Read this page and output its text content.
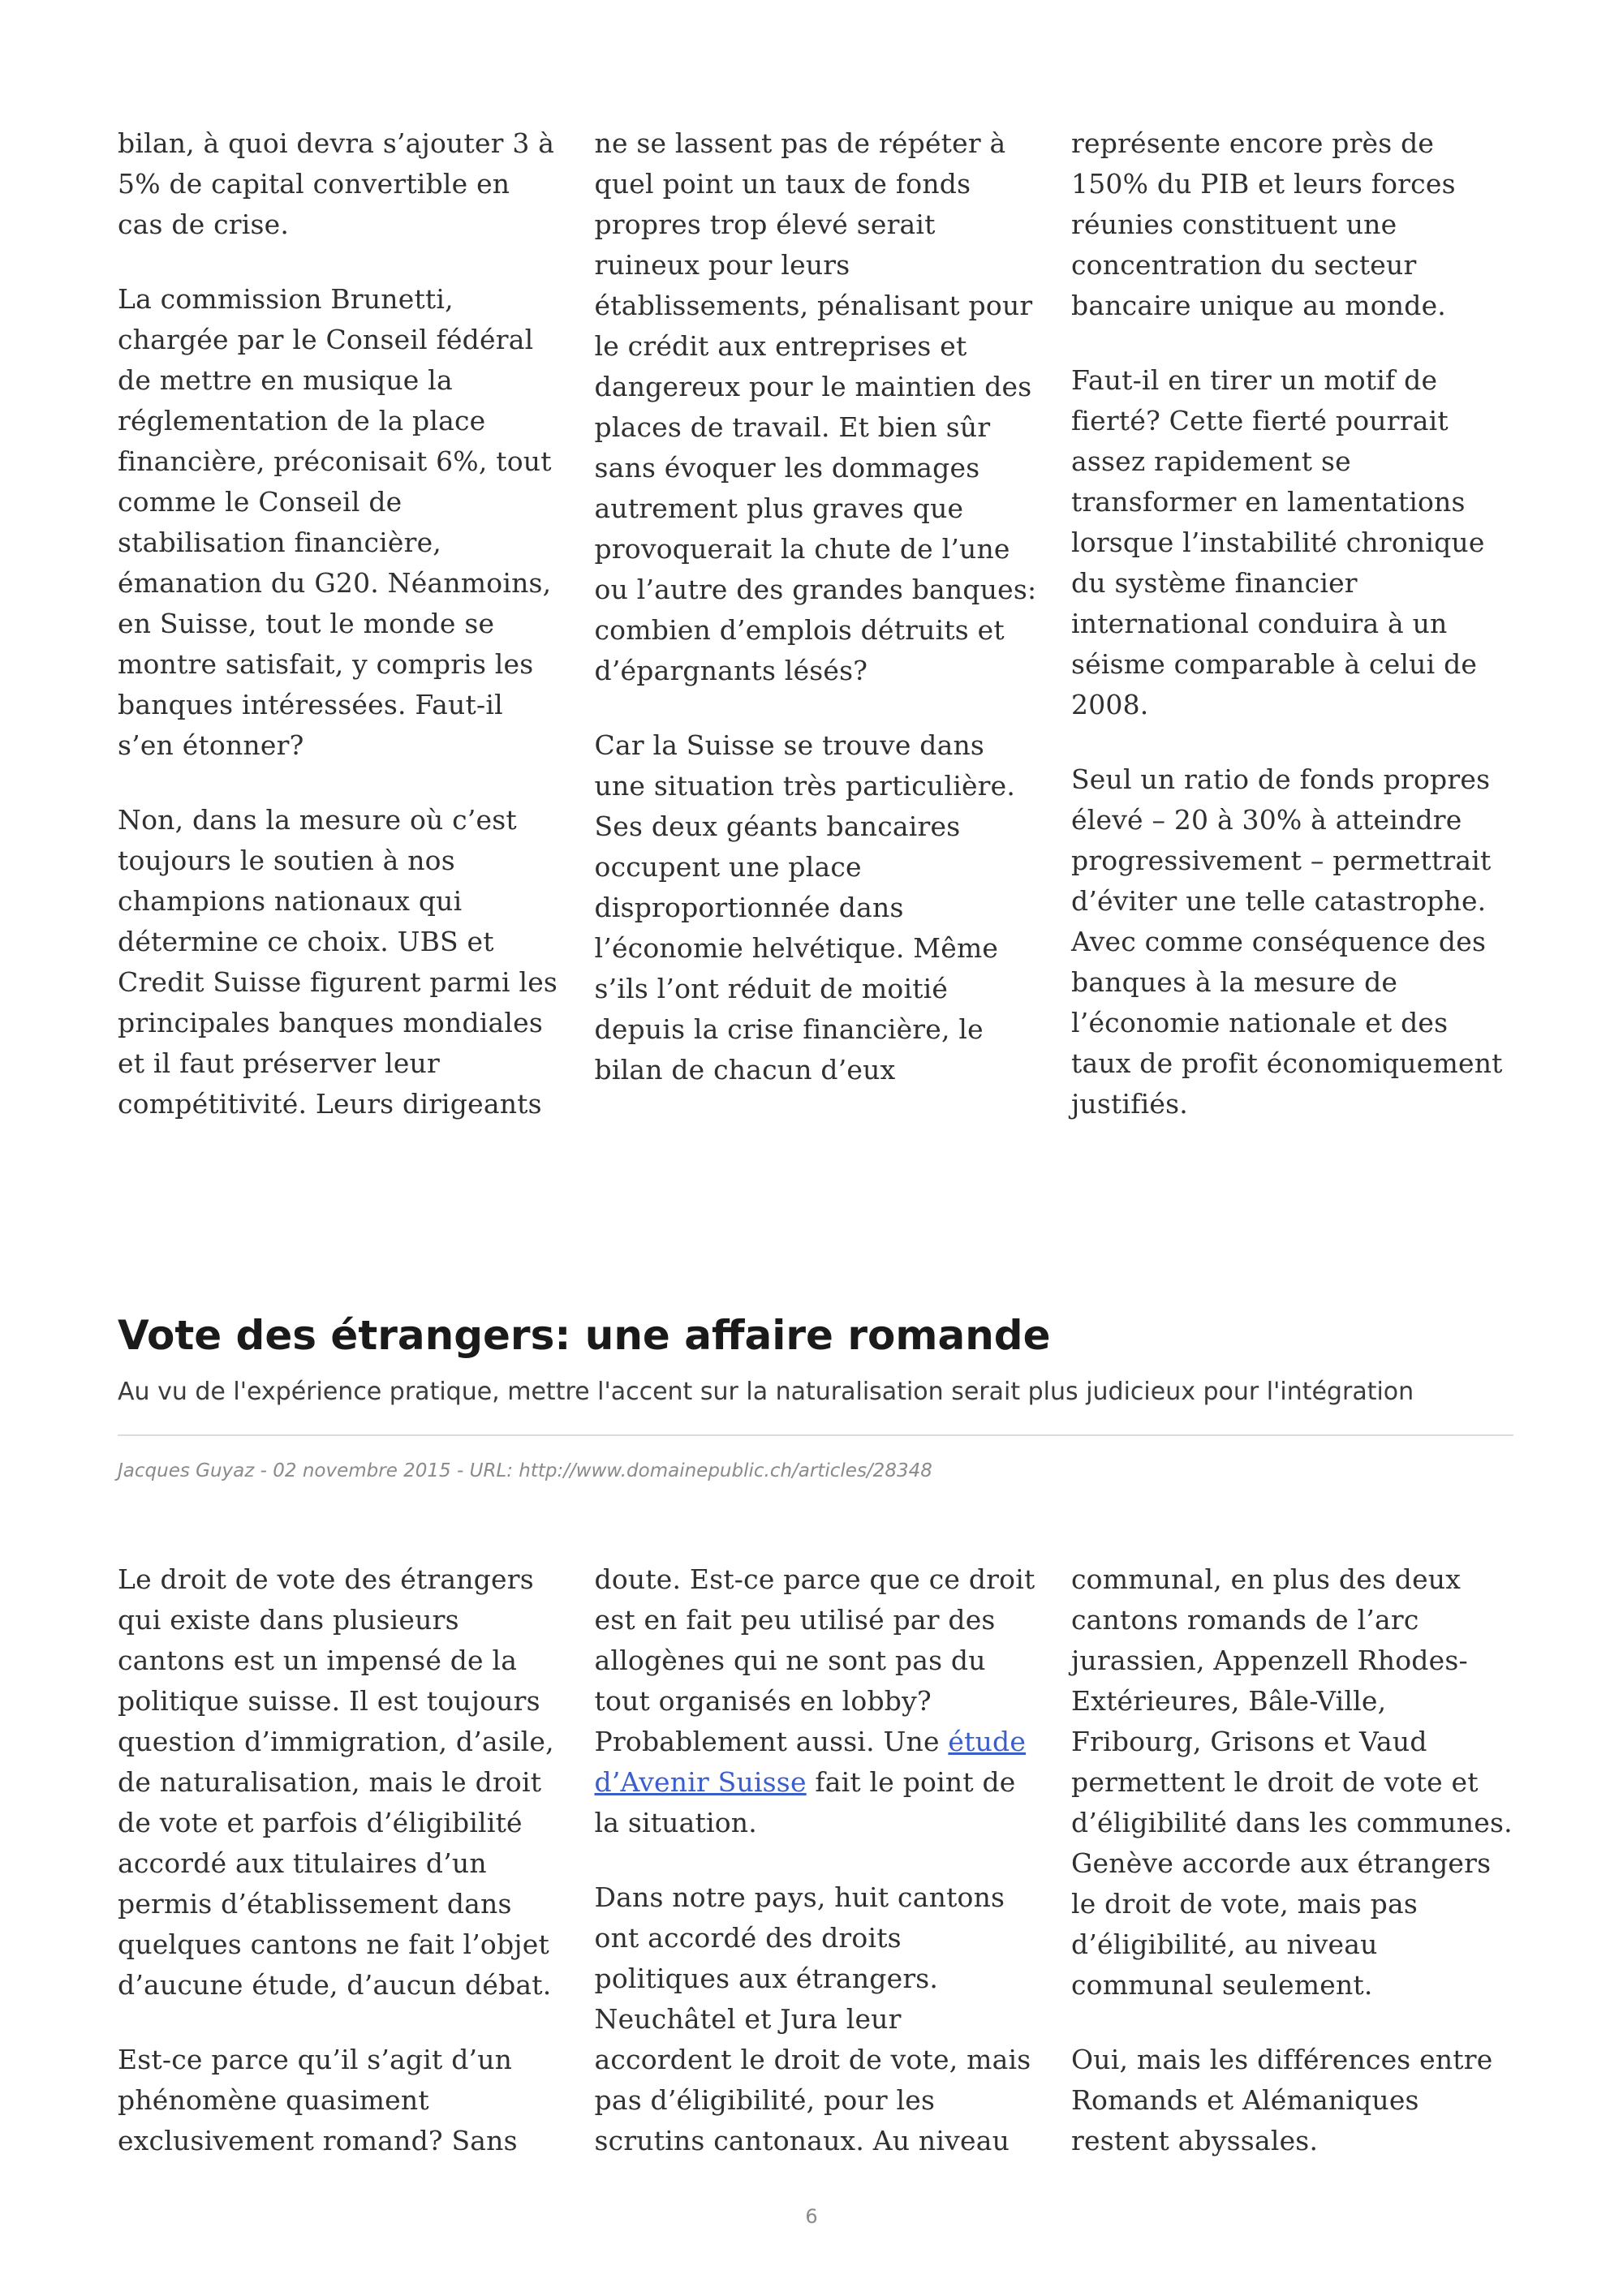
bilan, à quoi devra s’ajouter 3 à 5% de capital convertible en cas de crise.

La commission Brunetti, chargée par le Conseil fédéral de mettre en musique la réglementation de la place financière, préconisait 6%, tout comme le Conseil de stabilisation financière, émanation du G20. Néanmoins, en Suisse, tout le monde se montre satisfait, y compris les banques intéressées. Faut-il s’en étonner?

Non, dans la mesure où c’est toujours le soutien à nos champions nationaux qui détermine ce choix. UBS et Credit Suisse figurent parmi les principales banques mondiales et il faut préserver leur compétitivité. Leurs dirigeants

ne se lassent pas de répéter à quel point un taux de fonds propres trop élevé serait ruineux pour leurs établissements, pénalisant pour le crédit aux entreprises et dangereux pour le maintien des places de travail. Et bien sûr sans évoquer les dommages autrement plus graves que provoquerait la chute de l’une ou l’autre des grandes banques: combien d’emplois détruits et d’épargnants lésés?

Car la Suisse se trouve dans une situation très particulière. Ses deux géants bancaires occupent une place disproportionnée dans l’économie helvétique. Même s’ils l’ont réduit de moitié depuis la crise financière, le bilan de chacun d’eux

représente encore près de 150% du PIB et leurs forces réunies constituent une concentration du secteur bancaire unique au monde.

Faut-il en tirer un motif de fierté? Cette fierté pourrait assez rapidement se transformer en lamentations lorsque l’instabilité chronique du système financier international conduira à un séisme comparable à celui de 2008.

Seul un ratio de fonds propres élevé – 20 à 30% à atteindre progressivement – permettrait d’éviter une telle catastrophe. Avec comme conséquence des banques à la mesure de l’économie nationale et des taux de profit économiquement justifiés.

Vote des étrangers: une affaire romande

Au vu de l'expérience pratique, mettre l'accent sur la naturalisation serait plus judicieux pour l'intégration

Jacques Guyaz - 02 novembre 2015 - URL: http://www.domainepublic.ch/articles/28348

Le droit de vote des étrangers qui existe dans plusieurs cantons est un impensé de la politique suisse. Il est toujours question d’immigration, d’asile, de naturalisation, mais le droit de vote et parfois d’éligibilité accordé aux titulaires d’un permis d’établissement dans quelques cantons ne fait l’objet d’aucune étude, d’aucun débat.

Est-ce parce qu’il s’agit d’un phénomène quasiment exclusivement romand? Sans

doute. Est-ce parce que ce droit est en fait peu utilisé par des allogènes qui ne sont pas du tout organisés en lobby? Probablement aussi. Une étude d’Avenir Suisse fait le point de la situation.

Dans notre pays, huit cantons ont accordé des droits politiques aux étrangers. Neuchâtel et Jura leur accordent le droit de vote, mais pas d’éligibilité, pour les scrutins cantonaux. Au niveau

communal, en plus des deux cantons romands de l’arc jurassien, Appenzell Rhodes-Extérieures, Bâle-Ville, Fribourg, Grisons et Vaud permettent le droit de vote et d’éligibilité dans les communes. Genève accorde aux étrangers le droit de vote, mais pas d’éligibilité, au niveau communal seulement.

Oui, mais les différences entre Romands et Alémaniques restent abyssales.

6
